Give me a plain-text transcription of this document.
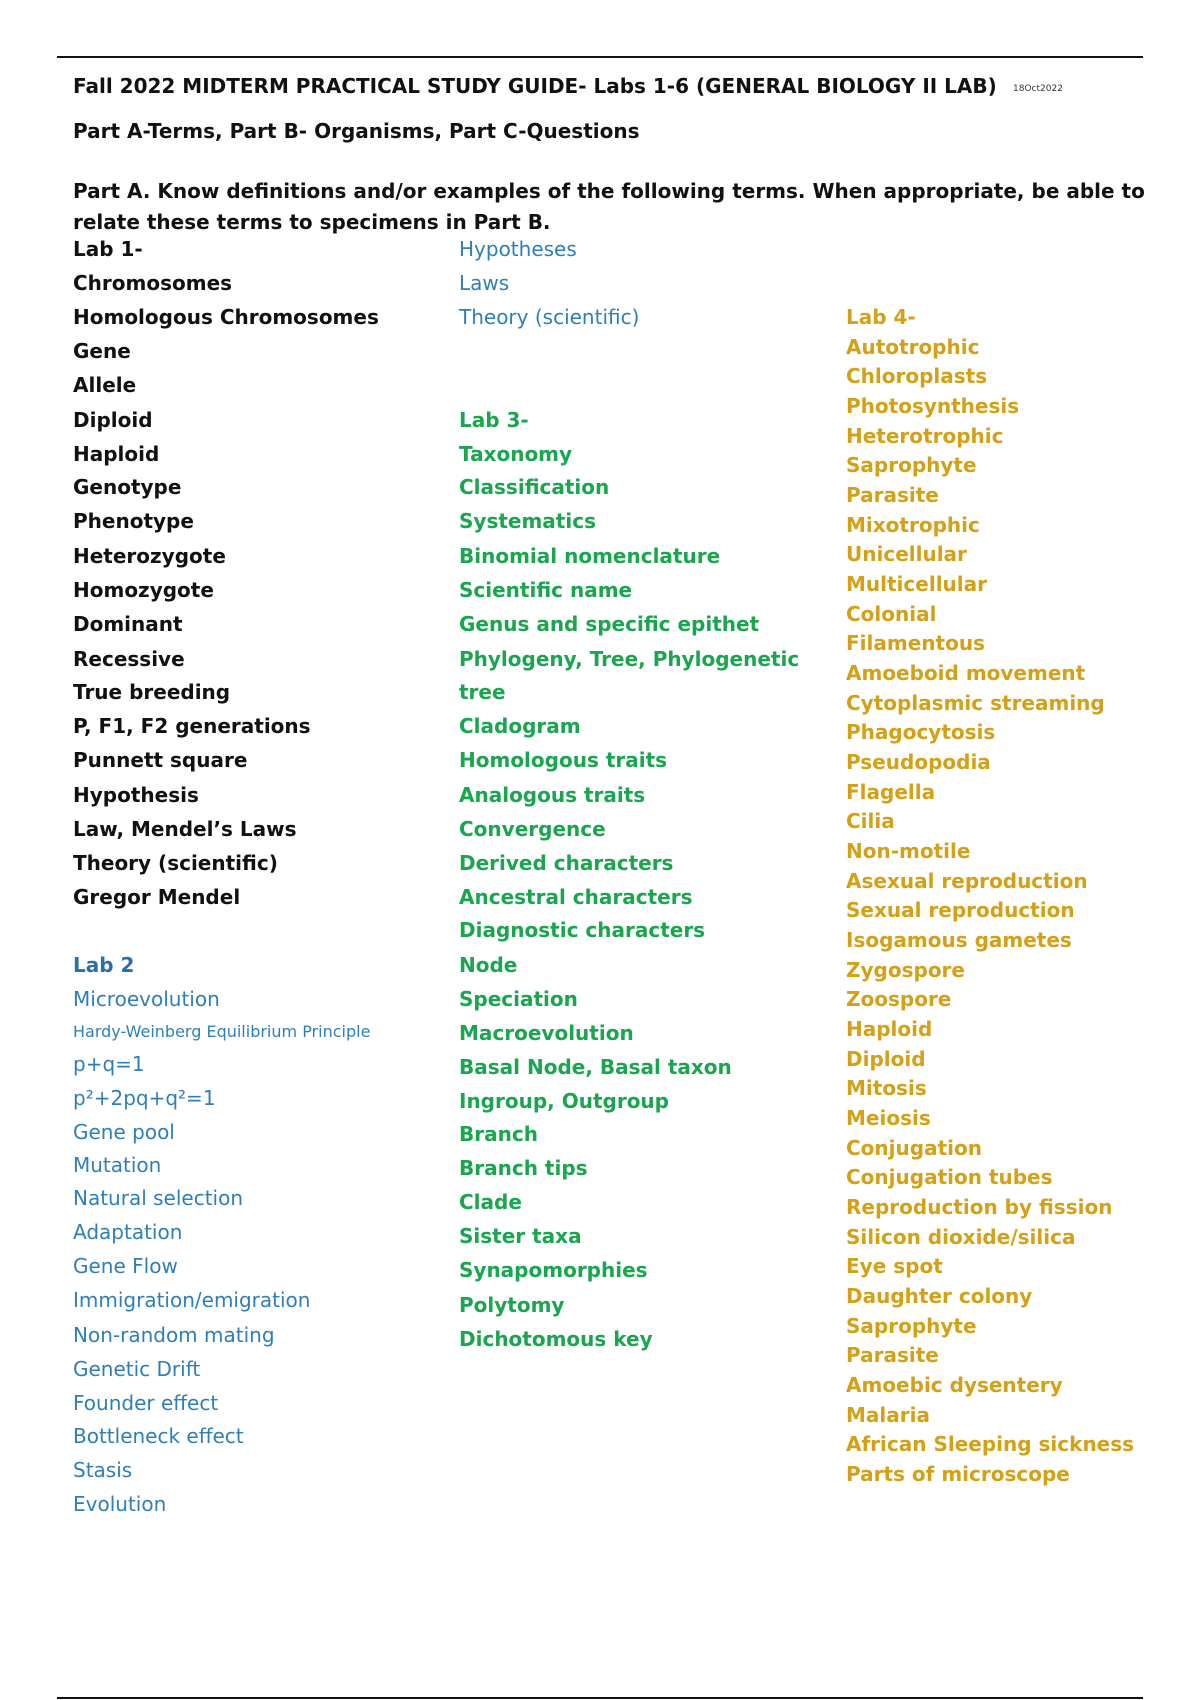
Fall 2022 MIDTERM PRACTICAL STUDY GUIDE- Labs 1-6 (GENERAL BIOLOGY II LAB) 18Oct2022
Part A-Terms, Part B- Organisms, Part C-Questions
Part A. Know definitions and/or examples of the following terms. When appropriate, be able to relate these terms to specimens in Part B.
Lab 1-
Chromosomes
Homologous Chromosomes
Gene
Allele
Diploid
Haploid
Genotype
Phenotype
Heterozygote
Homozygote
Dominant
Recessive
True breeding
P, F1, F2 generations
Punnett square
Hypothesis
Law, Mendel’s Laws
Theory (scientific)
Gregor Mendel
Lab 2
Microevolution
Hardy-Weinberg Equilibrium Principle
p+q=1
p²+2pq+q²=1
Gene pool
Mutation
Natural selection
Adaptation
Gene Flow
Immigration/emigration
Non-random mating
Genetic Drift
Founder effect
Bottleneck effect
Stasis
Evolution
Hypotheses
Laws
Theory (scientific)
Lab 3-
Taxonomy
Classification
Systematics
Binomial nomenclature
Scientific name
Genus and specific epithet
Phylogeny, Tree, Phylogenetic
tree
Cladogram
Homologous traits
Analogous traits
Convergence
Derived characters
Ancestral characters
Diagnostic characters
Node
Speciation
Macroevolution
Basal Node, Basal taxon
Ingroup, Outgroup
Branch
Branch tips
Clade
Sister taxa
Synapomorphies
Polytomy
Dichotomous key
Lab 4-
Autotrophic
Chloroplasts
Photosynthesis
Heterotrophic
Saprophyte
Parasite
Mixotrophic
Unicellular
Multicellular
Colonial
Filamentous
Amoeboid movement
Cytoplasmic streaming
Phagocytosis
Pseudopodia
Flagella
Cilia
Non-motile
Asexual reproduction
Sexual reproduction
Isogamous gametes
Zygospore
Zoospore
Haploid
Diploid
Mitosis
Meiosis
Conjugation
Conjugation tubes
Reproduction by fission
Silicon dioxide/silica
Eye spot
Daughter colony
Saprophyte
Parasite
Amoebic dysentery
Malaria
African Sleeping sickness
Parts of microscope
